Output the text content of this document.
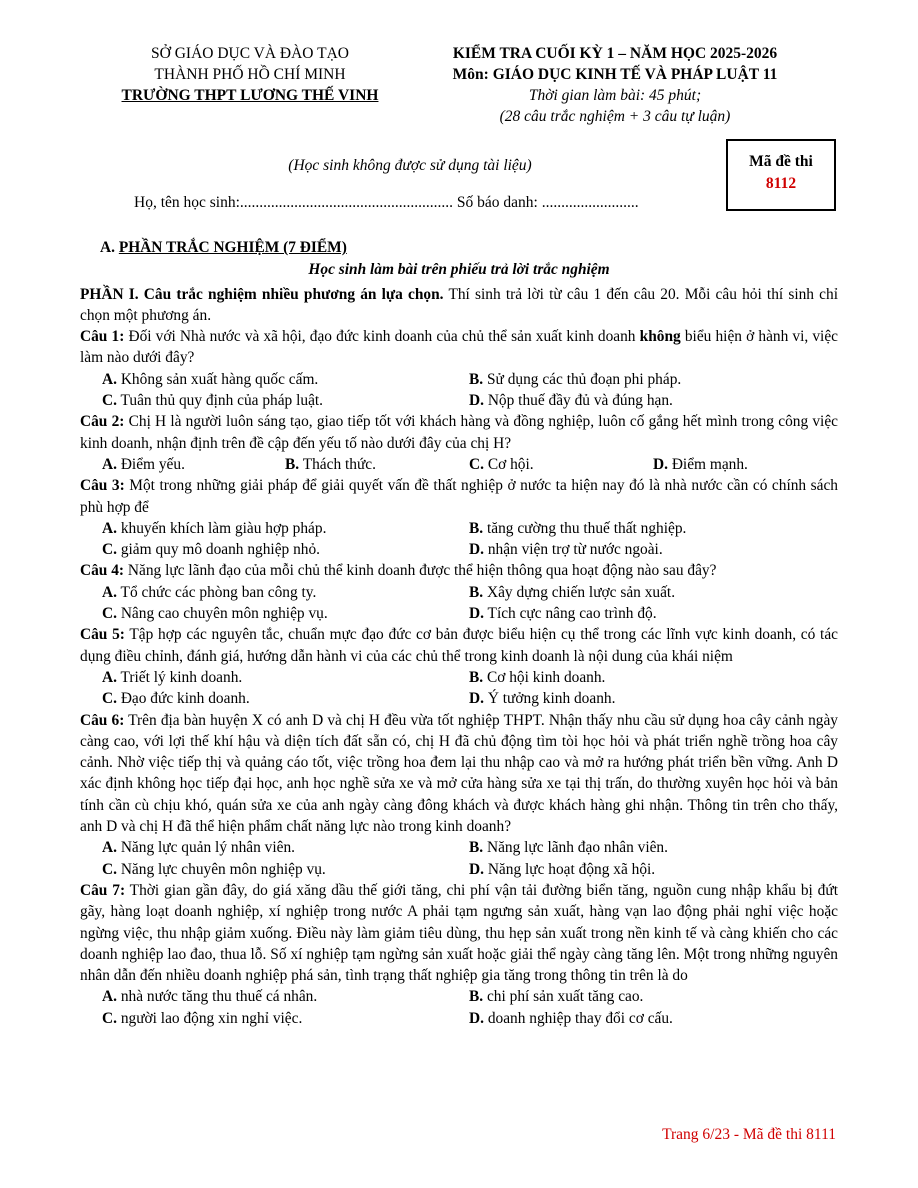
SỞ GIÁO DỤC VÀ ĐÀO TẠO
THÀNH PHỐ HỒ CHÍ MINH
TRƯỜNG THPT LƯƠNG THẾ VINH
KIỂM TRA CUỐI KỲ 1 – NĂM HỌC 2025-2026
Môn: GIÁO DỤC KINH TẾ VÀ PHÁP LUẬT 11
Thời gian làm bài: 45 phút;
(28 câu trắc nghiệm + 3 câu tự luận)
(Học sinh không được sử dụng tài liệu)
Họ, tên học sinh:....................................................... Số báo danh: .........................
Mã đề thi
8112
A. PHẦN TRẮC NGHIỆM (7 ĐIỂM)
Học sinh làm bài trên phiếu trả lời trắc nghiệm

PHẦN I. Câu trắc nghiệm nhiều phương án lựa chọn. Thí sinh trả lời từ câu 1 đến câu 20. Mỗi câu hỏi thí sinh chỉ chọn một phương án.

Câu 1: Đối với Nhà nước và xã hội, đạo đức kinh doanh của chủ thể sản xuất kinh doanh không biểu hiện ở hành vi, việc làm nào dưới đây?

A. Không sản xuất hàng quốc cấm.	B. Sử dụng các thủ đoạn phi pháp.
C. Tuân thủ quy định của pháp luật.	D. Nộp thuế đầy đủ và đúng hạn.

Câu 2: Chị H là người luôn sáng tạo, giao tiếp tốt với khách hàng và đồng nghiệp, luôn cố gắng hết mình trong công việc kinh doanh, nhận định trên đề cập đến yếu tố nào dưới đây của chị H?

A. Điểm yếu.	B. Thách thức.	C. Cơ hội.	D. Điểm mạnh.

Câu 3: Một trong những giải pháp để giải quyết vấn đề thất nghiệp ở nước ta hiện nay đó là nhà nước cần có chính sách phù hợp để

A. khuyến khích làm giàu hợp pháp.	B. tăng cường thu thuế thất nghiệp.
C. giảm quy mô doanh nghiệp nhỏ.	D. nhận viện trợ từ nước ngoài.

Câu 4: Năng lực lãnh đạo của mỗi chủ thể kinh doanh được thể hiện thông qua hoạt động nào sau đây?

A. Tổ chức các phòng ban công ty.	B. Xây dựng chiến lược sản xuất.
C. Nâng cao chuyên môn nghiệp vụ.	D. Tích cực nâng cao trình độ.

Câu 5: Tập hợp các nguyên tắc, chuẩn mực đạo đức cơ bản được biểu hiện cụ thể trong các lĩnh vực kinh doanh, có tác dụng điều chỉnh, đánh giá, hướng dẫn hành vi của các chủ thể trong kinh doanh là nội dung của khái niệm

A. Triết lý kinh doanh.	B. Cơ hội kinh doanh.
C. Đạo đức kinh doanh.	D. Ý tưởng kinh doanh.

Câu 6: Trên địa bàn huyện X có anh D và chị H đều vừa tốt nghiệp THPT. Nhận thấy nhu cầu sử dụng hoa cây cảnh ngày càng cao, với lợi thế khí hậu và diện tích đất sẵn có, chị H đã chủ động tìm tòi học hỏi và phát triển nghề trồng hoa cây cảnh. Nhờ việc tiếp thị và quảng cáo tốt, việc trồng hoa đem lại thu nhập cao và mở ra hướng phát triển bền vững. Anh D xác định không học tiếp đại học, anh học nghề sửa xe và mở cửa hàng sửa xe tại thị trấn, do thường xuyên học hỏi và bản tính cần cù chịu khó, quán sửa xe của anh ngày càng đông khách và được khách hàng ghi nhận. Thông tin trên cho thấy, anh D và chị H đã thể hiện phẩm chất năng lực nào trong kinh doanh?

A. Năng lực quản lý nhân viên.	B. Năng lực lãnh đạo nhân viên.
C. Năng lực chuyên môn nghiệp vụ.	D. Năng lực hoạt động xã hội.

Câu 7: Thời gian gần đây, do giá xăng dầu thế giới tăng, chi phí vận tải đường biển tăng, nguồn cung nhập khẩu bị đứt gãy, hàng loạt doanh nghiệp, xí nghiệp trong nước A phải tạm ngưng sản xuất, hàng vạn lao động phải nghỉ việc hoặc ngừng việc, thu nhập giảm xuống. Điều này làm giảm tiêu dùng, thu hẹp sản xuất trong nền kinh tế và càng khiến cho các doanh nghiệp lao đao, thua lỗ. Số xí nghiệp tạm ngừng sản xuất hoặc giải thể ngày càng tăng lên. Một trong những nguyên nhân dẫn đến nhiều doanh nghiệp phá sản, tình trạng thất nghiệp gia tăng trong thông tin trên là do

A. nhà nước tăng thu thuế cá nhân.	B. chi phí sản xuất tăng cao.
C. người lao động xin nghỉ việc.	D. doanh nghiệp thay đổi cơ cấu.
Trang 6/23 - Mã đề thi 8111
